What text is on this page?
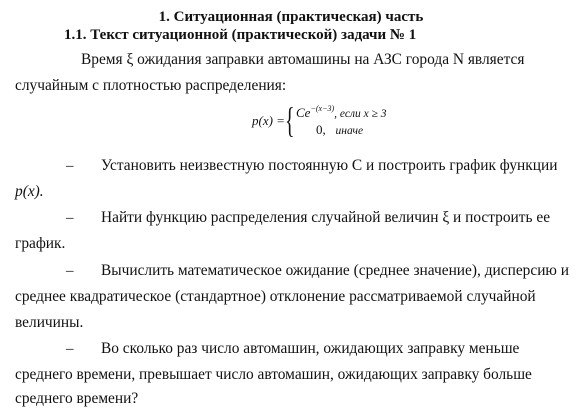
1. Ситуационная (практическая) часть
1.1. Текст ситуационной (практической) задачи № 1
Время ξ ожидания заправки автомашины на АЗС города N является
случайным с плотностью распределения:
p(x) = { $Ce^{-(x-3)}$, если x ≥ 3
0, иначе
– Установить неизвестную постоянную С и построить график функции
p(x).
– Найти функцию распределения случайной величин ξ и построить ее
график.
– Вычислить математическое ожидание (среднее значение), дисперсию и
среднее квадратическое (стандартное) отклонение рассматриваемой случайной
величины.
– Во сколько раз число автомашин, ожидающих заправку меньше
среднего времени, превышает число автомашин, ожидающих заправку больше
среднего времени?
